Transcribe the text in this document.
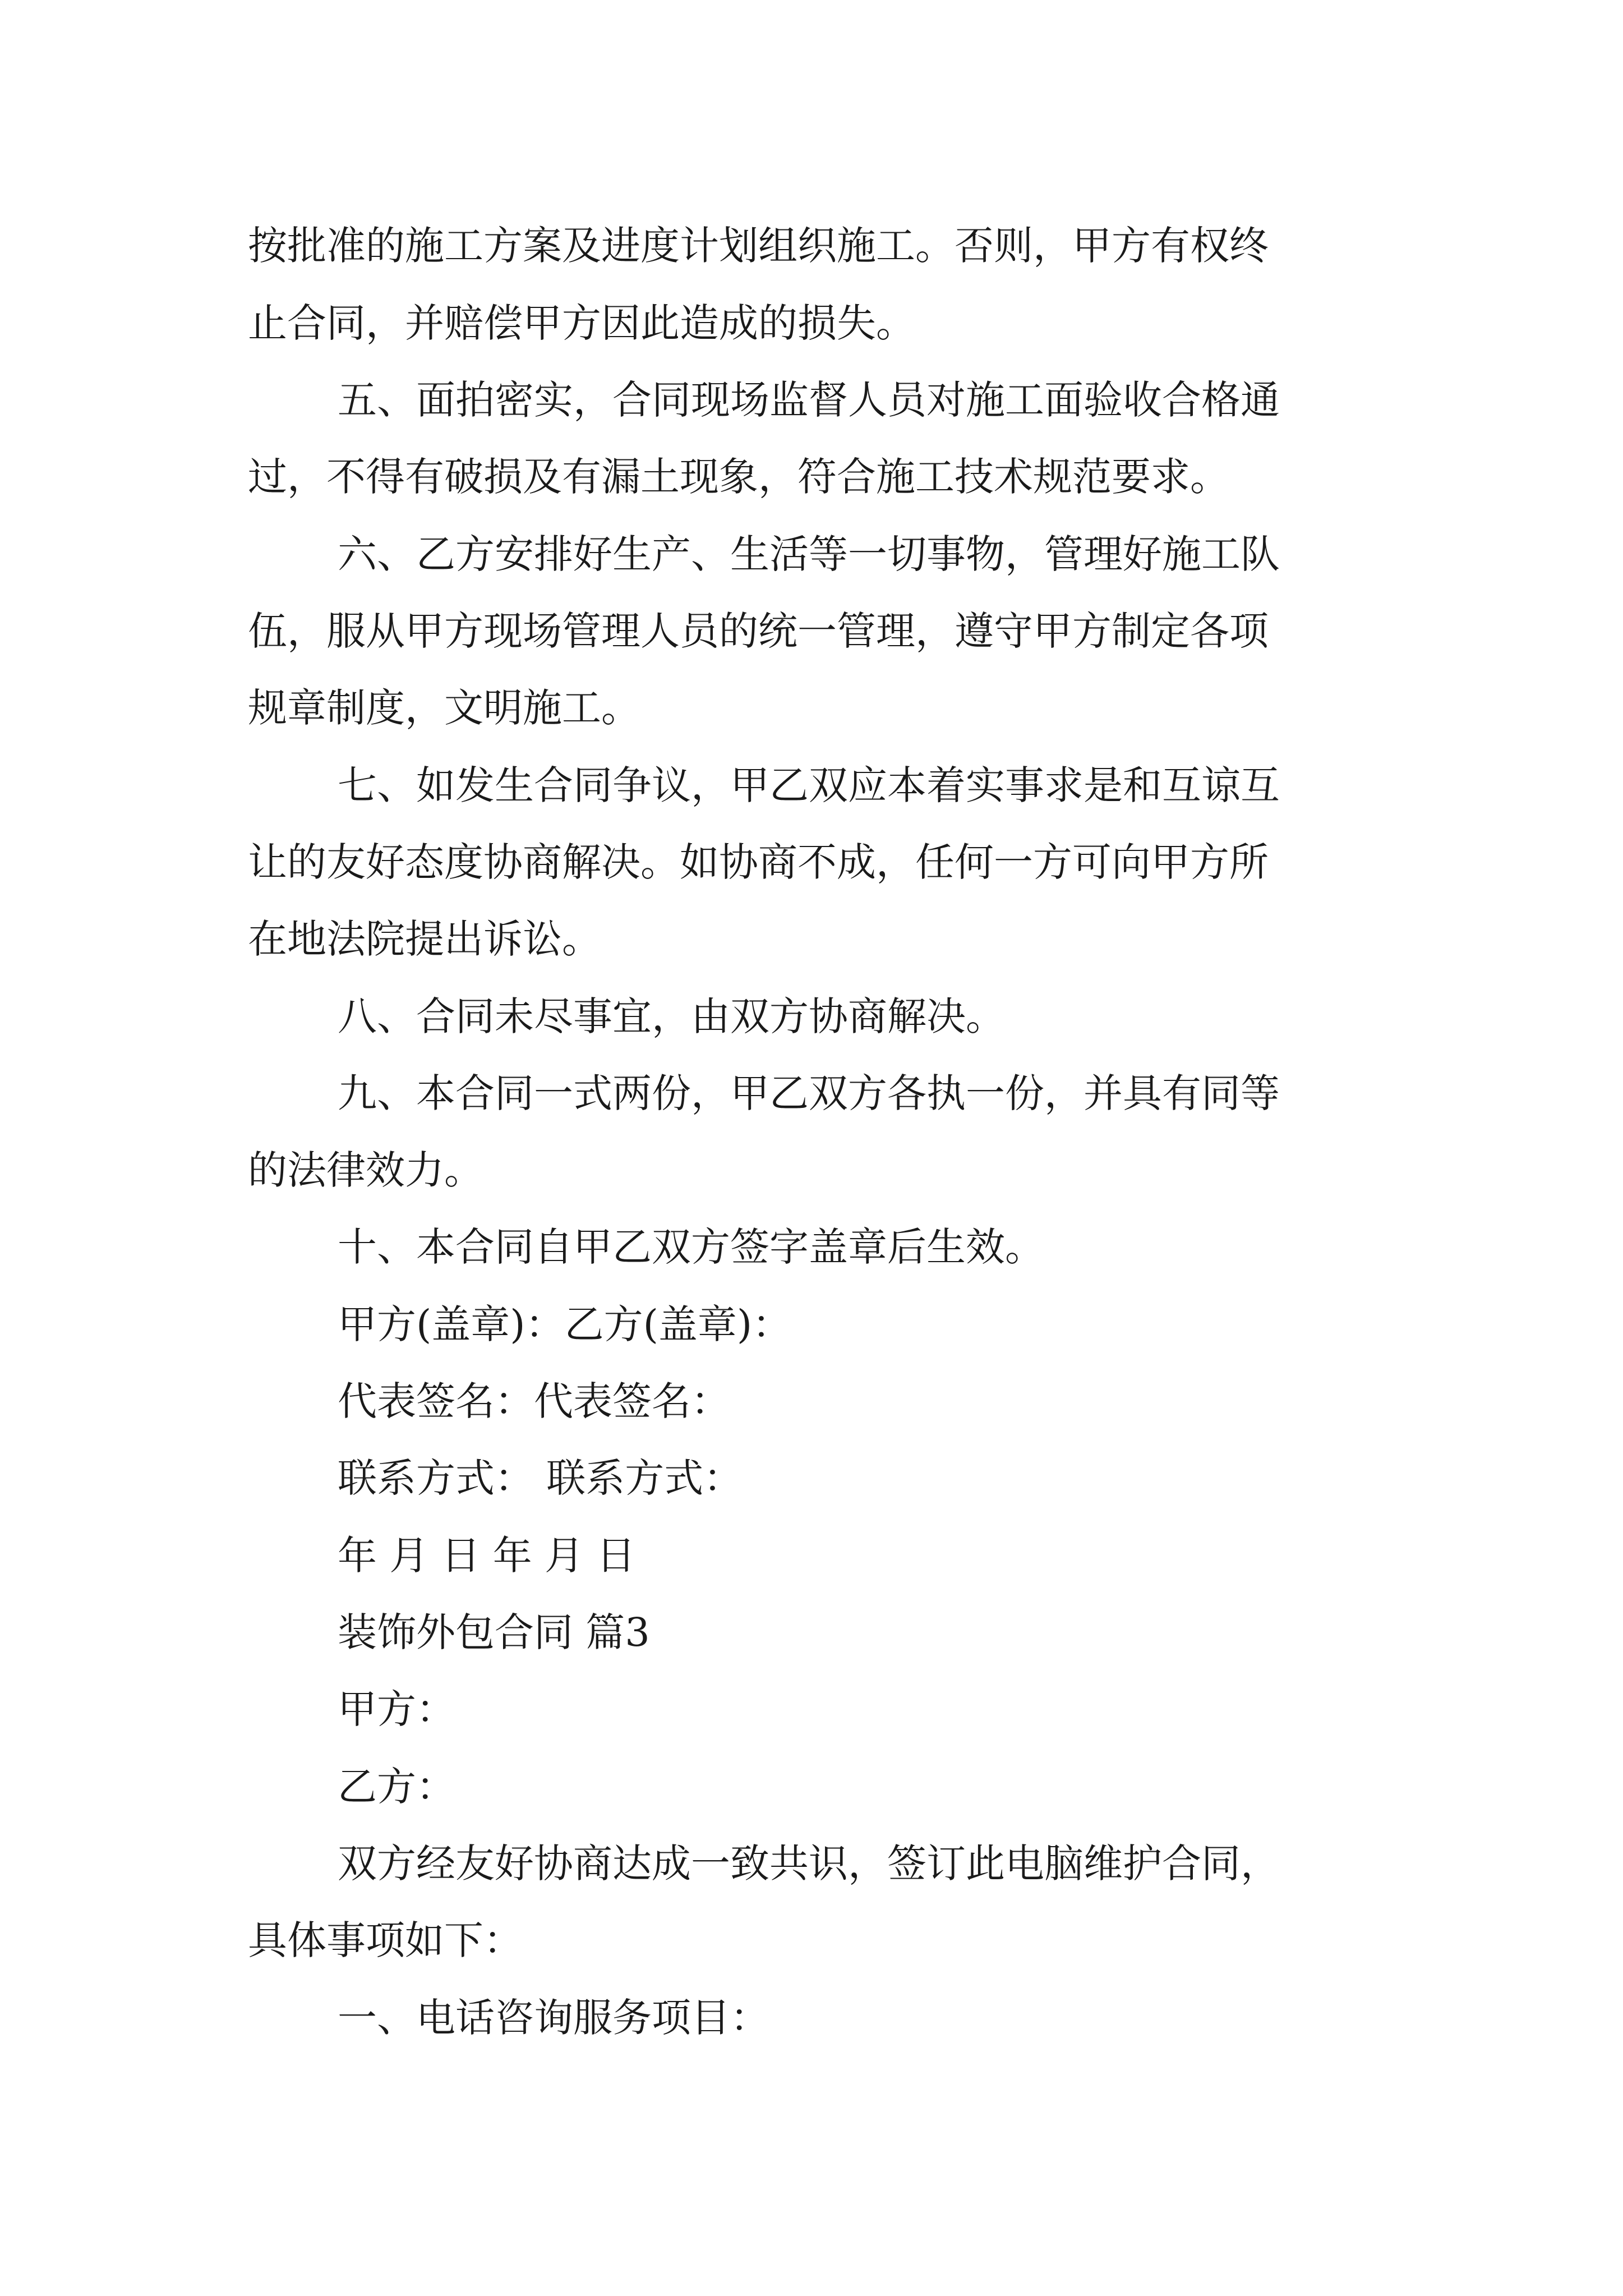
按批准的施工方案及进度计划组织施工。否则，甲方有权终
止合同，并赔偿甲方因此造成的损失。
五、面拍密实，合同现场监督人员对施工面验收合格通
过，不得有破损及有漏土现象，符合施工技术规范要求。
六、乙方安排好生产、生活等一切事物，管理好施工队
伍，服从甲方现场管理人员的统一管理，遵守甲方制定各项
规章制度，文明施工。
七、如发生合同争议，甲乙双应本着实事求是和互谅互
让的友好态度协商解决。如协商不成，任何一方可向甲方所
在地法院提出诉讼。
八、合同未尽事宜，由双方协商解决。
九、本合同一式两份，甲乙双方各执一份，并具有同等
的法律效力。
十、本合同自甲乙双方签字盖章后生效。
甲方(盖章)：乙方(盖章)：
代表签名：代表签名：
联系方式： 联系方式：
年 月 日 年 月 日
装饰外包合同 篇3
甲方：
乙方：
双方经友好协商达成一致共识，签订此电脑维护合同，
具体事项如下：
一、电话咨询服务项目：
